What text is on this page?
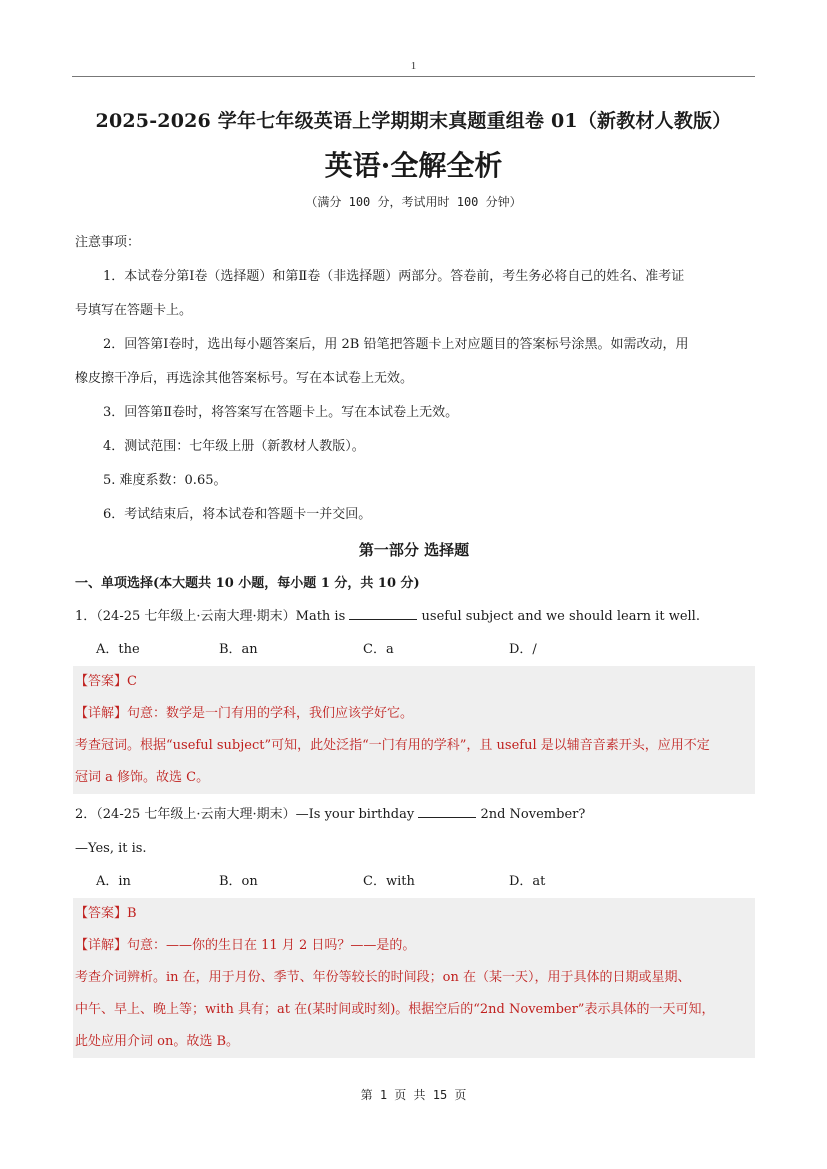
1
2025-2026 学年七年级英语上学期期末真题重组卷 01（新教材人教版）
英语·全解全析
（满分 100 分，考试用时 100 分钟）
注意事项：
1．本试卷分第Ⅰ卷（选择题）和第Ⅱ卷（非选择题）两部分。答卷前，考生务必将自己的姓名、准考证
号填写在答题卡上。
2．回答第Ⅰ卷时，选出每小题答案后，用 2B 铅笔把答题卡上对应题目的答案标号涂黑。如需改动，用
橡皮擦干净后，再选涂其他答案标号。写在本试卷上无效。
3．回答第Ⅱ卷时，将答案写在答题卡上。写在本试卷上无效。
4．测试范围：七年级上册（新教材人教版）。
5. 难度系数：0.65。
6．考试结束后，将本试卷和答题卡一并交回。
第一部分 选择题
一、单项选择(本大题共 10 小题，每小题 1 分，共 10 分)
1．（24-25 七年级上·云南大理·期末）Math is	useful subject and we should learn it well.
A．the	B．an	C．a	D．/
【答案】C
【详解】句意：数学是一门有用的学科，我们应该学好它。
考查冠词。根据“useful subject”可知，此处泛指“一门有用的学科”，且 useful 是以辅音音素开头，应用不定
冠词 a 修饰。故选 C。
2．（24-25 七年级上·云南大理·期末）—Is your birthday	2nd November?
—Yes, it is.
A．in	B．on	C．with	D．at
【答案】B
【详解】句意：——你的生日在 11 月 2 日吗？——是的。
考查介词辨析。in 在，用于月份、季节、年份等较长的时间段；on 在（某一天），用于具体的日期或星期、
中午、早上、晚上等；with 具有；at 在(某时间或时刻)。根据空后的“2nd November”表示具体的一天可知，
此处应用介词 on。故选 B。
第 1 页 共 15 页
